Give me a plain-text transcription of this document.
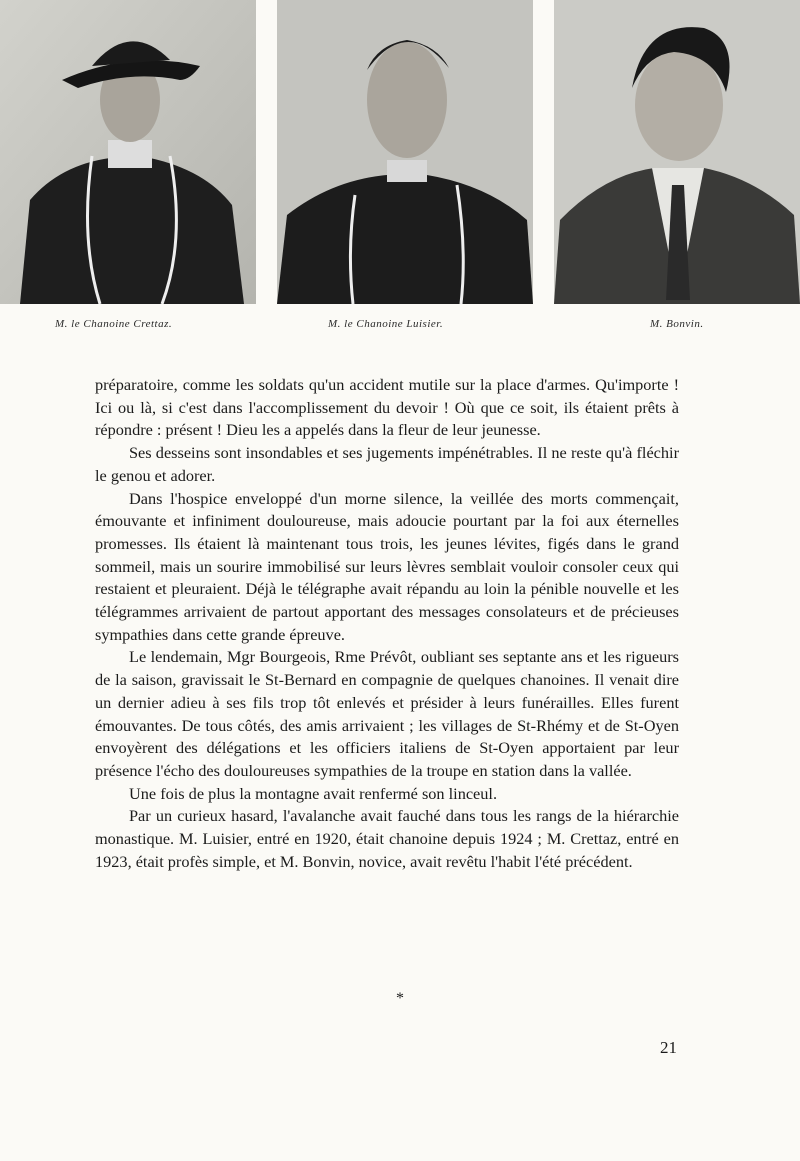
M. le Chanoine Crettaz.	M. le Chanoine Luisier.	M. Bonvin.

préparatoire, comme les soldats qu'un accident mutile sur la place d'armes. Qu'importe ! Ici ou là, si c'est dans l'accomplissement du devoir ! Où que ce soit, ils étaient prêts à répondre : présent ! Dieu les a appelés dans la fleur de leur jeunesse.

Ses desseins sont insondables et ses jugements impénétrables. Il ne reste qu'à fléchir le genou et adorer.

Dans l'hospice enveloppé d'un morne silence, la veillée des morts commençait, émouvante et infiniment douloureuse, mais adoucie pourtant par la foi aux éternelles promesses. Ils étaient là maintenant tous trois, les jeunes lévites, figés dans le grand sommeil, mais un sourire immobilisé sur leurs lèvres semblait vouloir consoler ceux qui restaient et pleuraient. Déjà le télégraphe avait répandu au loin la pénible nouvelle et les télégrammes arrivaient de partout apportant des messages consolateurs et de précieuses sympathies dans cette grande épreuve.

Le lendemain, Mgr Bourgeois, Rme Prévôt, oubliant ses septante ans et les rigueurs de la saison, gravissait le St-Bernard en compagnie de quelques chanoines. Il venait dire un dernier adieu à ses fils trop tôt enlevés et présider à leurs funérailles. Elles furent émouvantes. De tous côtés, des amis arrivaient ; les villages de St-Rhémy et de St-Oyen envoyèrent des délégations et les officiers italiens de St-Oyen apportaient par leur présence l'écho des douloureuses sympathies de la troupe en station dans la vallée.

Une fois de plus la montagne avait renfermé son linceul.

Par un curieux hasard, l'avalanche avait fauché dans tous les rangs de la hiérarchie monastique. M. Luisier, entré en 1920, était chanoine depuis 1924 ; M. Crettaz, entré en 1923, était profès simple, et M. Bonvin, novice, avait revêtu l'habit l'été précédent.

*
21
